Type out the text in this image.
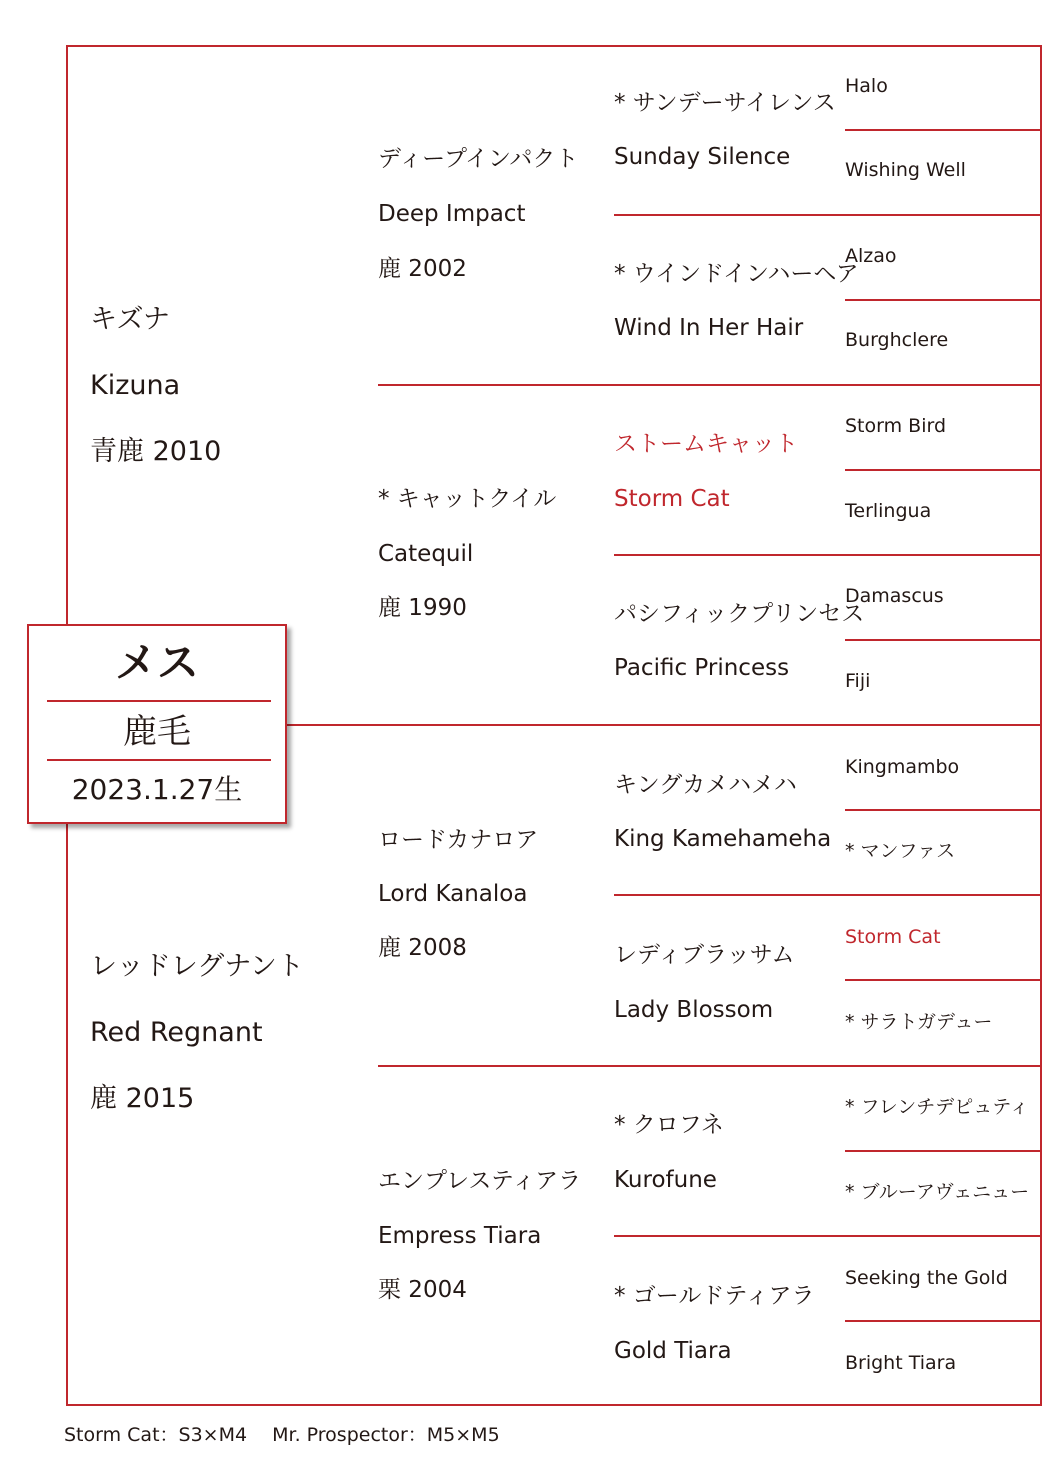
キズナ
Kizuna
青鹿 2010
レッドレグナント
Red Regnant
鹿 2015
ディープインパクト
Deep Impact
鹿 2002
* キャットクイル
Catequil
鹿 1990
ロードカナロア
Lord Kanaloa
鹿 2008
エンプレスティアラ
Empress Tiara
栗 2004
* サンデーサイレンス
Sunday Silence
* ウインドインハーヘア
Wind In Her Hair
ストームキャット
Storm Cat
パシフィックプリンセス
Pacific Princess
キングカメハメハ
King Kamehameha
レディブラッサム
Lady Blossom
* クロフネ
Kurofune
* ゴールドティアラ
Gold Tiara
Halo
Wishing Well
Alzao
Burghclere
Storm Bird
Terlingua
Damascus
Fiji
Kingmambo
* マンファス
Storm Cat
* サラトガデュー
* フレンチデピュティ
* ブルーアヴェニュー
Seeking the Gold
Bright Tiara
メス
鹿毛
2023.1.27生
Storm Cat：S3×M4　 Mr. Prospector：M5×M5
